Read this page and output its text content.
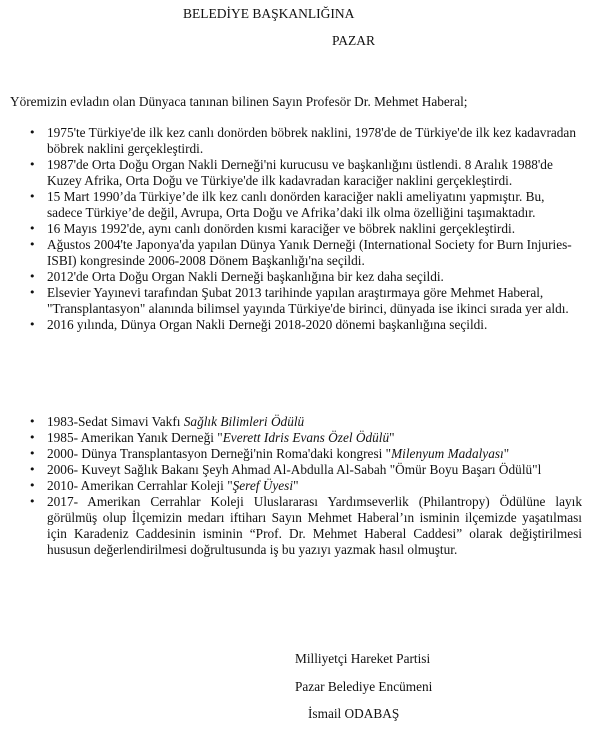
BELEDİYE BAŞKANLIĞINA
PAZAR
Yöremizin evladın olan Dünyaca tanınan bilinen Sayın Profesör Dr. Mehmet Haberal;
• 1975'te Türkiye'de ilk kez canlı donörden böbrek naklini, 1978'de de Türkiye'de ilk kez kadavradan böbrek naklini gerçekleştirdi.
• 1987'de Orta Doğu Organ Nakli Derneği'ni kurucusu ve başkanlığını üstlendi. 8 Aralık 1988'de Kuzey Afrika, Orta Doğu ve Türkiye'de ilk kadavradan karaciğer naklini gerçekleştirdi.
• 15 Mart 1990’da Türkiye’de ilk kez canlı donörden karaciğer nakli ameliyatını yapmıştır. Bu, sadece Türkiye’de değil, Avrupa, Orta Doğu ve Afrika’daki ilk olma özelliğini taşımaktadır.
• 16 Mayıs 1992'de, aynı canlı donörden kısmi karaciğer ve böbrek naklini gerçekleştirdi.
• Ağustos 2004'te Japonya'da yapılan Dünya Yanık Derneği (International Society for Burn Injuries-ISBI) kongresinde 2006-2008 Dönem Başkanlığı'na seçildi.
• 2012'de Orta Doğu Organ Nakli Derneği başkanlığına bir kez daha seçildi.
• Elsevier Yayınevi tarafından Şubat 2013 tarihinde yapılan araştırmaya göre Mehmet Haberal, "Transplantasyon" alanında bilimsel yayında Türkiye'de birinci, dünyada ise ikinci sırada yer aldı.
• 2016 yılında, Dünya Organ Nakli Derneği 2018-2020 dönemi başkanlığına seçildi.
• 1983-Sedat Simavi Vakfı Sağlık Bilimleri Ödülü
• 1985- Amerikan Yanık Derneği "Everett Idris Evans Özel Ödülü"
• 2000- Dünya Transplantasyon Derneği'nin Roma'daki kongresi "Milenyum Madalyası"
• 2006- Kuveyt Sağlık Bakanı Şeyh Ahmad Al-Abdulla Al-Sabah "Ömür Boyu Başarı Ödülü"l
• 2010- Amerikan Cerrahlar Koleji "Şeref Üyesi"
• 2017- Amerikan Cerrahlar Koleji Uluslararası Yardımseverlik (Philantropy) Ödülüne layık görülmüş olup İlçemizin medarı iftiharı Sayın Mehmet Haberal’ın isminin ilçemizde yaşatılması için Karadeniz Caddesinin isminin “Prof. Dr. Mehmet Haberal Caddesi” olarak değiştirilmesi hususun değerlendirilmesi doğrultusunda iş bu yazıyı yazmak hasıl olmuştur.
Milliyetçi Hareket Partisi
Pazar Belediye Encümeni
İsmail ODABAŞ
